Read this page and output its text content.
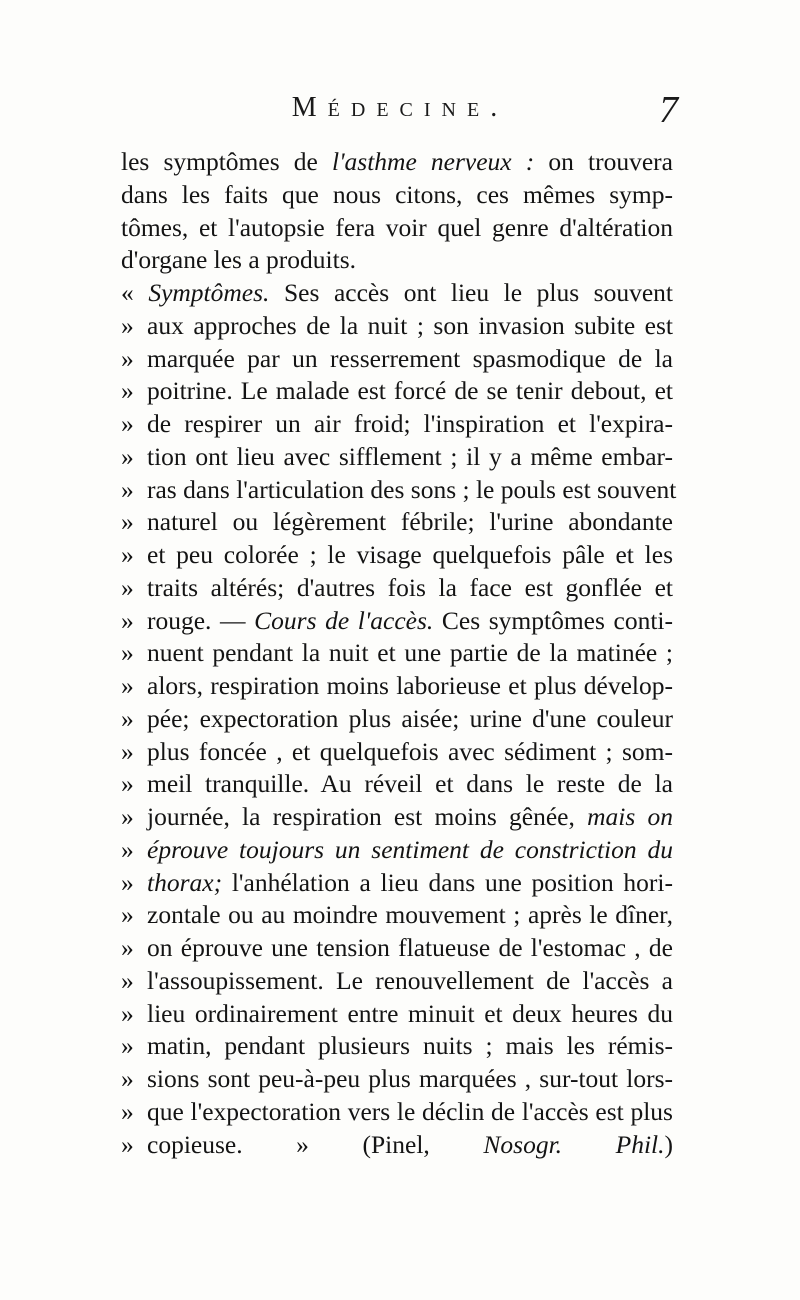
Médecine.	7
les symptômes de l'asthme nerveux : on trouvera
dans les faits que nous citons, ces mêmes symp-
tômes, et l'autopsie fera voir quel genre d'altération
d'organe les a produits.
« Symptômes. Ses accès ont lieu le plus souvent
» aux approches de la nuit ; son invasion subite est
» marquée par un resserrement spasmodique de la
» poitrine. Le malade est forcé de se tenir debout, et
» de respirer un air froid; l'inspiration et l'expira-
» tion ont lieu avec sifflement ; il y a même embar-
» ras dans l'articulation des sons ; le pouls est souvent
» naturel ou légèrement fébrile; l'urine abondante
» et peu colorée ; le visage quelquefois pâle et les
» traits altérés; d'autres fois la face est gonflée et
» rouge. — Cours de l'accès. Ces symptômes conti-
» nuent pendant la nuit et une partie de la matinée ;
» alors, respiration moins laborieuse et plus dévelop-
» pée; expectoration plus aisée; urine d'une couleur
» plus foncée , et quelquefois avec sédiment ; som-
» meil tranquille. Au réveil et dans le reste de la
» journée, la respiration est moins gênée, mais on
» éprouve toujours un sentiment de constriction du
» thorax; l'anhélation a lieu dans une position hori-
» zontale ou au moindre mouvement ; après le dîner,
» on éprouve une tension flatueuse de l'estomac , de
» l'assoupissement. Le renouvellement de l'accès a
» lieu ordinairement entre minuit et deux heures du
» matin, pendant plusieurs nuits ; mais les rémis-
» sions sont peu-à-peu plus marquées , sur-tout lors-
» que l'expectoration vers le déclin de l'accès est plus
» copieuse. » (Pinel, Nosogr. Phil.)
